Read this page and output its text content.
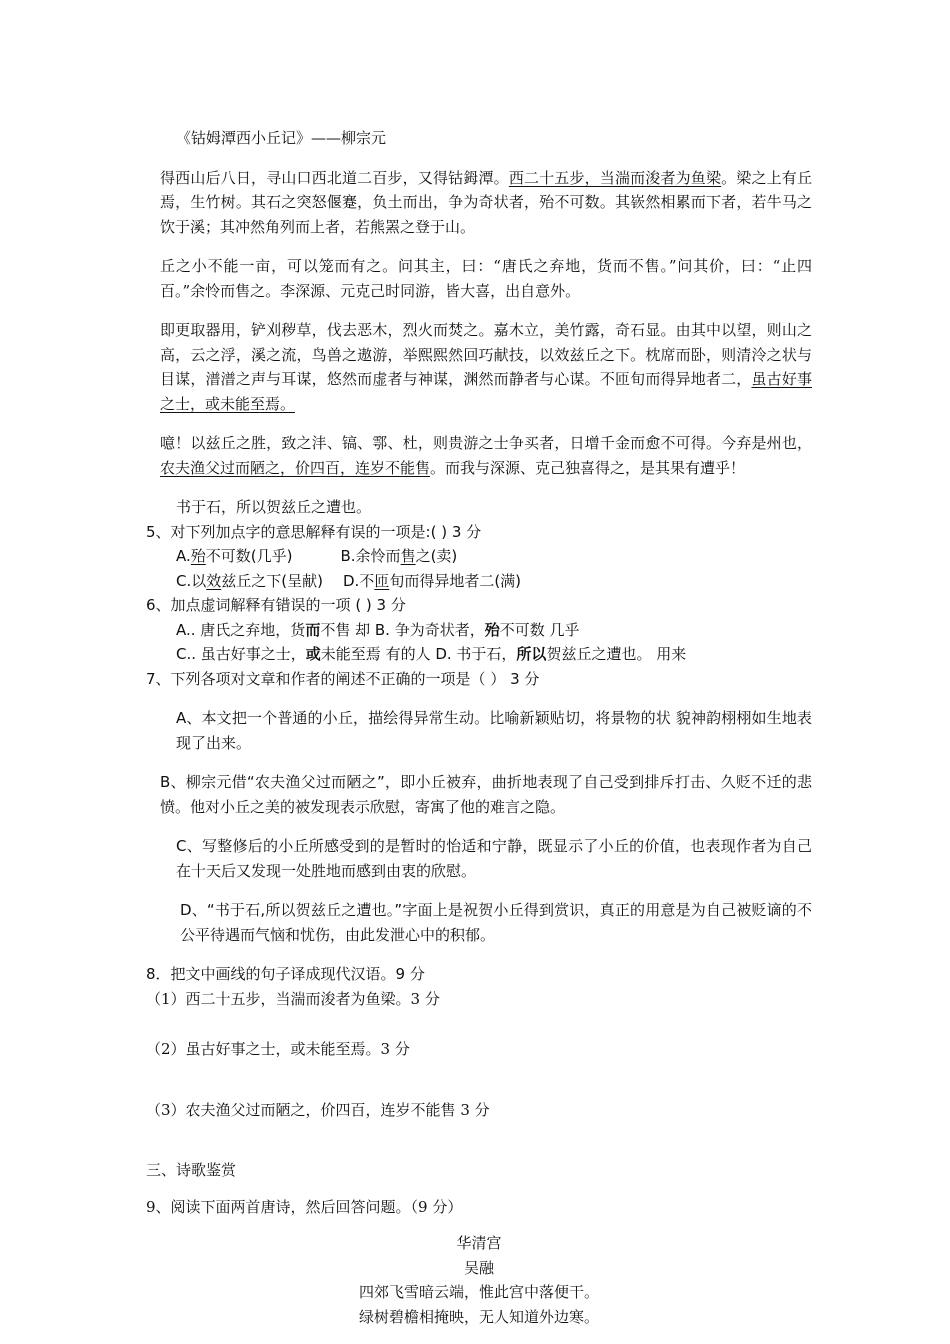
《钴姆潭西小丘记》——柳宗元

得西山后八日，寻山口西北道二百步，又得钴鉧潭。西二十五步，当湍而浚者为鱼梁。梁之上有丘焉，生竹树。其石之突怒偃蹇，负土而出，争为奇状者，殆不可数。其嵚然相累而下者，若牛马之饮于溪；其冲然角列而上者，若熊罴之登于山。

丘之小不能一亩，可以笼而有之。问其主，曰：“唐氏之弃地，货而不售。”问其价，曰：“止四百。”余怜而售之。李深源、元克己时同游，皆大喜，出自意外。

即更取器用，铲刈秽草，伐去恶木，烈火而焚之。嘉木立，美竹露，奇石显。由其中以望，则山之高，云之浮，溪之流，鸟兽之遨游，举熙熙然回巧献技，以效兹丘之下。枕席而卧，则清泠之状与目谋，潽潽之声与耳谋，悠然而虚者与神谋，渊然而静者与心谋。不匝旬而得异地者二，虽古好事之士，或未能至焉。

噫！以兹丘之胜，致之沣、镐、鄠、杜，则贵游之士争买者，日增千金而愈不可得。今弃是州也，农夫渔父过而陋之，价四百，连岁不能售。而我与深源、克己独喜得之，是其果有遭乎！

书于石，所以贺兹丘之遭也。

5、对下列加点字的意思解释有误的一项是:( ) 3 分

A.殆不可数(几乎)	B.余怜而售之(卖)

C.以效兹丘之下(呈献) D.不匝旬而得异地者二(满)

6、加点虚词解释有错误的一项 ( ) 3 分

A.. 唐氏之弃地，货而不售 却 B. 争为奇状者，殆不可数 几乎

C.. 虽古好事之士，或未能至焉 有的人 D. 书于石，所以贺兹丘之遭也。 用来

7、下列各项对文章和作者的阐述不正确的一项是（ ） 3 分

A、本文把一个普通的小丘，描绘得异常生动。比喻新颖贴切，将景物的状 貌神韵栩栩如生地表现了出来。

B、柳宗元借“农夫渔父过而陋之”，即小丘被弃，曲折地表现了自己受到排斥打击、久贬不迁的悲愤。他对小丘之美的被发现表示欣慰，寄寓了他的难言之隐。

C、写整修后的小丘所感受到的是暂时的怡适和宁静，既显示了小丘的价值，也表现作者为自己在十天后又发现一处胜地而感到由衷的欣慰。

D、“书于石,所以贺兹丘之遭也。”字面上是祝贺小丘得到赏识，真正的用意是为自己被贬谪的不公平待遇而气恼和忧伤，由此发泄心中的积郁。

8．把文中画线的句子译成现代汉语。9 分

（1）西二十五步，当湍而浚者为鱼梁。3 分

（2）虽古好事之士，或未能至焉。3 分

（3）农夫渔父过而陋之，价四百，连岁不能售 3 分

三、诗歌鉴赏

9、阅读下面两首唐诗，然后回答问题。（9 分）

华清宫

吴融

四郊飞雪暗云端，惟此宫中落便干。

绿树碧檐相掩映，无人知道外边寒。
